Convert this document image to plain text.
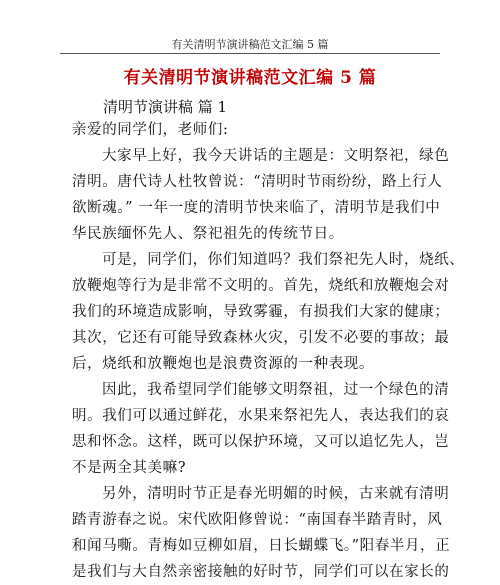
有关清明节演讲稿范文汇编 5 篇
有关清明节演讲稿范文汇编 5 篇
清明节演讲稿 篇 1
亲爱的同学们，老师们:
大家早上好，我今天讲话的主题是：文明祭祀，绿色
清明。唐代诗人杜牧曾说：“清明时节雨纷纷，路上行人
欲断魂。” 一年一度的清明节快来临了，清明节是我们中
华民族缅怀先人、祭祀祖先的传统节日。
可是，同学们，你们知道吗？我们祭祀先人时，烧纸、
放鞭炮等行为是非常不文明的。首先，烧纸和放鞭炮会对
我们的环境造成影响，导致雾霾，有损我们大家的健康；
其次，它还有可能导致森林火灾，引发不必要的事故；最
后，烧纸和放鞭炮也是浪费资源的一种表现。
因此，我希望同学们能够文明祭祖，过一个绿色的清
明。我们可以通过鲜花，水果来祭祀先人，表达我们的哀
思和怀念。这样，既可以保护环境，又可以追忆先人，岂
不是两全其美嘛?
另外，清明时节正是春光明媚的时候，古来就有清明
踏青游春之说。宋代欧阳修曾说：“南国春半踏青时，风
和闻马嘶。青梅如豆柳如眉，日长蝴蝶飞。”阳春半月，正
是我们与大自然亲密接触的好时节，同学们可以在家长的
